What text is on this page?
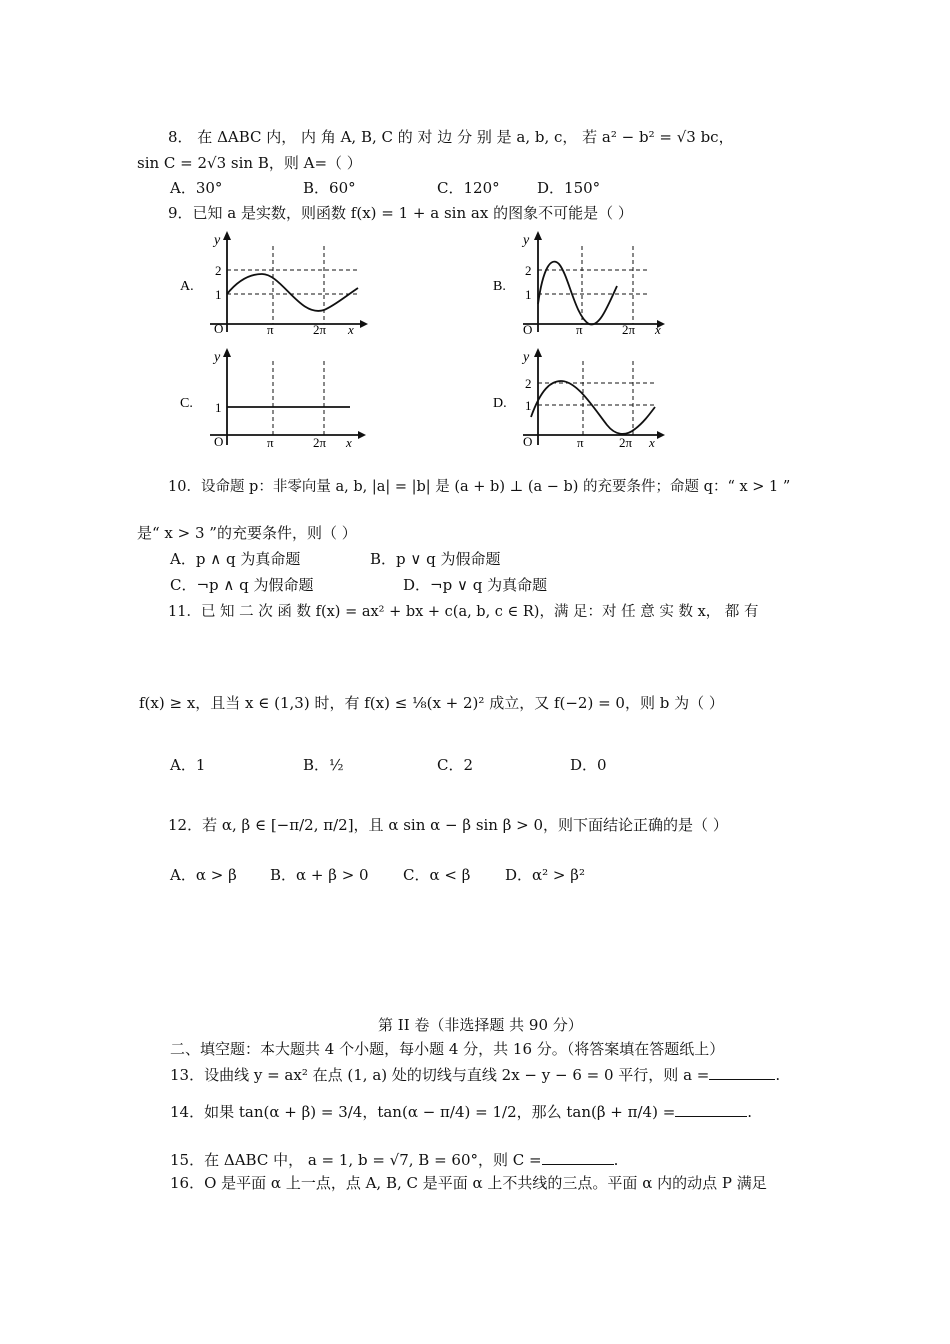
8． 在 ΔABC 内， 内 角 A, B, C 的 对 边 分 别 是 a, b, c， 若 a² − b² = √3 bc，
sin C = 2√3 sin B，则 A=（ ）
A．30°	B．60°	C．120° D．150°
9．已知 a 是实数，则函数 f(x) = 1 + a sin ax 的图象不可能是（ ）
A.
y
2
1
O	π	2π x
B.
y
2
1
O	π	2π x
C.
y
1
O	π	2π x
D.
y
2
1
O	π	2π x
10．设命题 p：非零向量 a, b, |a| = |b| 是 (a + b) ⊥ (a − b) 的充要条件；命题 q：“ x > 1 ”
是“ x > 3 ”的充要条件，则（ ）
A．p ∧ q 为真命题	B．p ∨ q 为假命题
C．¬p ∧ q 为假命题	D．¬p ∨ q 为真命题
11．已 知 二 次 函 数 f(x) = ax² + bx + c(a, b, c ∈ R)，满 足：对 任 意 实 数 x， 都 有
f(x) ≥ x，且当 x ∈ (1,3) 时，有 f(x) ≤ ⅛(x + 2)² 成立，又 f(−2) = 0，则 b 为（ ）
A．1	B．½	C．2	D．0
12．若 α, β ∈ [−π/2, π/2]，且 α sin α − β sin β > 0，则下面结论正确的是（ ）
A．α > β B．α + β > 0 C．α < β D．α² > β²
第 II 卷（非选择题 共 90 分）
二、填空题：本大题共 4 个小题，每小题 4 分，共 16 分。（将答案填在答题纸上）
13．设曲线 y = ax² 在点 (1, a) 处的切线与直线 2x − y − 6 = 0 平行，则 a =	.
14．如果 tan(α + β) = 3/4，tan(α − π/4) = 1/2，那么 tan(β + π/4) =	.
15．在 ΔABC 中， a = 1, b = √7, B = 60°，则 C =	.
16．O 是平面 α 上一点，点 A, B, C 是平面 α 上不共线的三点。平面 α 内的动点 P 满足
